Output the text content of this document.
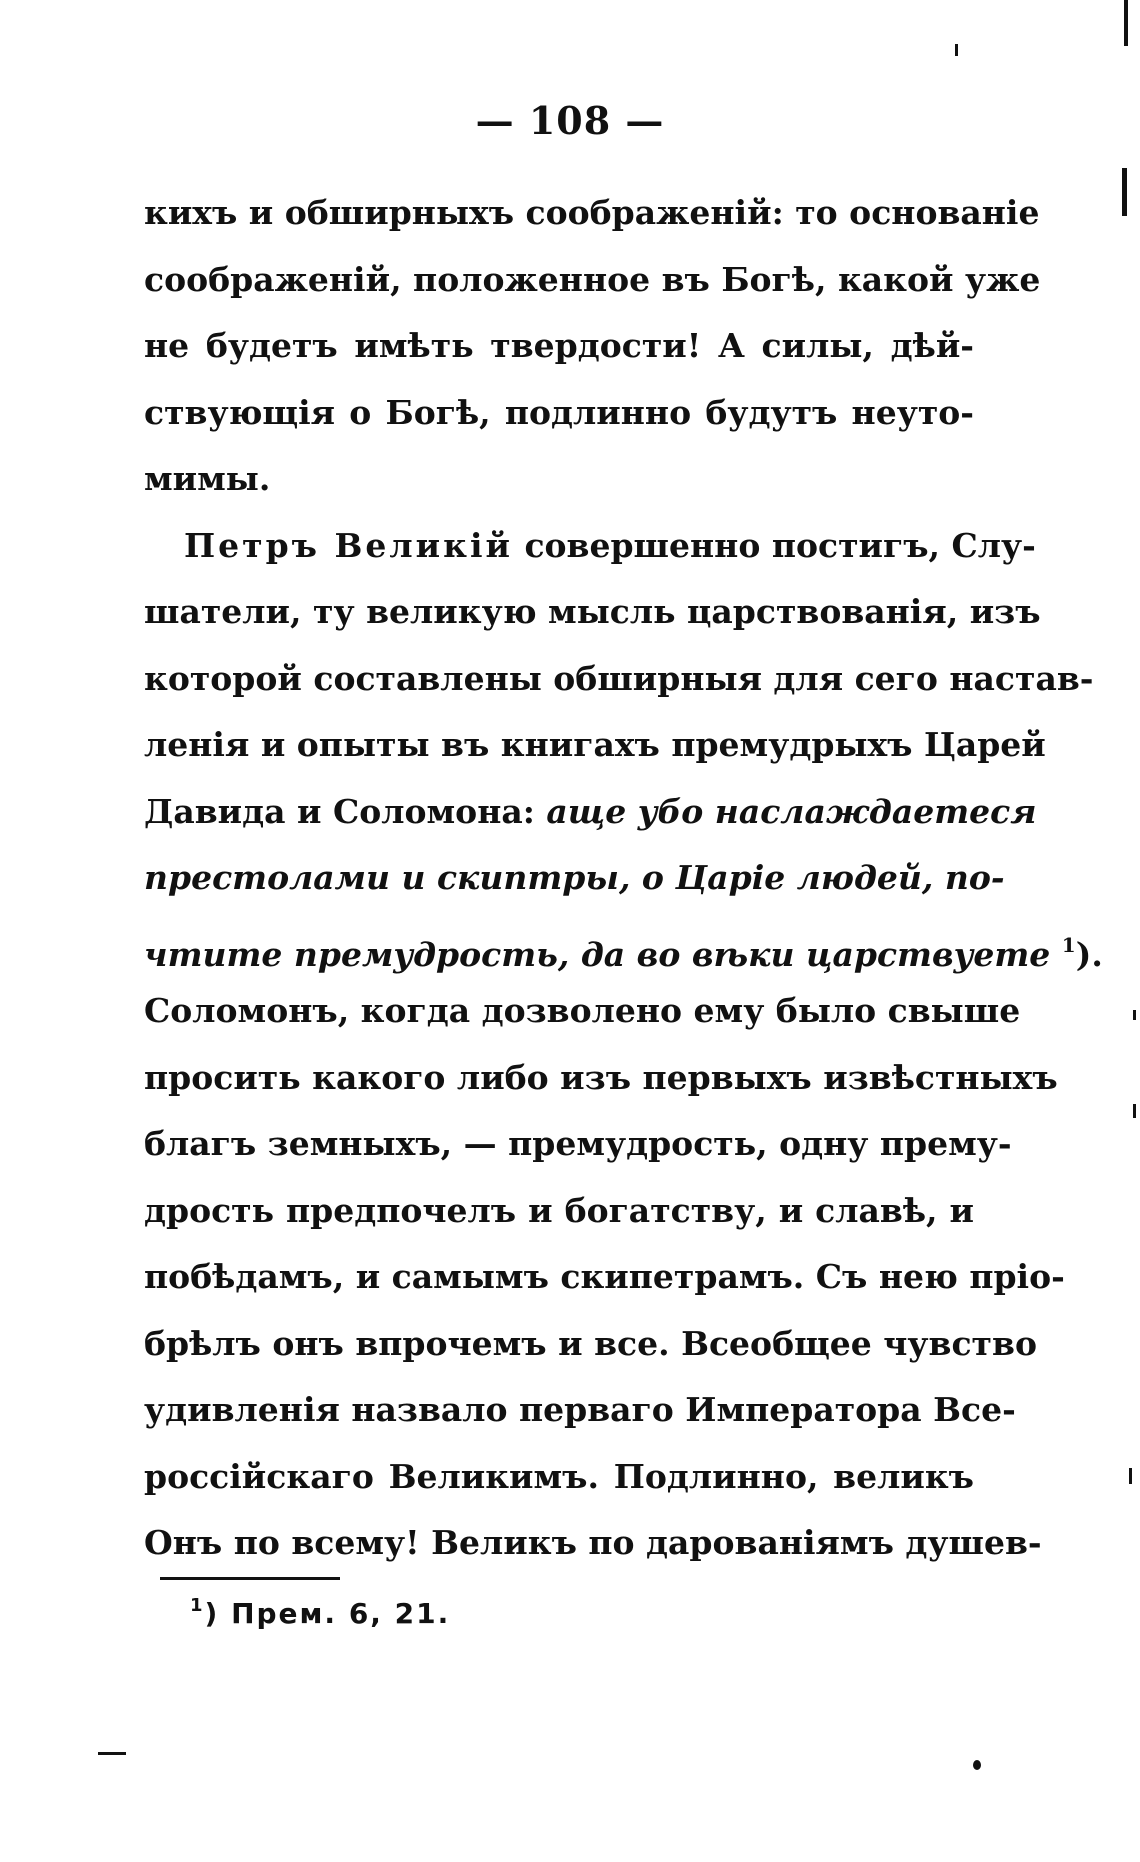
— 108 —
кихъ и обширныхъ соображеній: то основаніе
соображеній, положенное въ Богѣ, какой уже
не будетъ имѣть твердости! А силы, дѣй-
ствующія о Богѣ, подлинно будутъ неуто-
мимы.
Петръ Великій совершенно постигъ, Слу-
шатели, ту великую мысль царствованія, изъ
которой составлены обширныя для сего настав-
ленія и опыты въ книгахъ премудрыхъ Царей
Давида и Соломона: аще убо наслаждаетеся
престолами и скиптры, о Царіе людей, по-
чтите премудрость, да во вѣки царствуете $^1$).
Соломонъ, когда дозволено ему было свыше
просить какого либо изъ первыхъ извѣстныхъ
благъ земныхъ, — премудрость, одну прему-
дрость предпочелъ и богатству, и славѣ, и
побѣдамъ, и самымъ скипетрамъ. Съ нею пріо-
брѣлъ онъ впрочемъ и все. Всеобщее чувство
удивленія назвало перваго Императора Все-
россійскаго Великимъ. Подлинно, великъ
Онъ по всему! Великъ по дарованіямъ душев-
$^1$) Прем. 6, 21.
